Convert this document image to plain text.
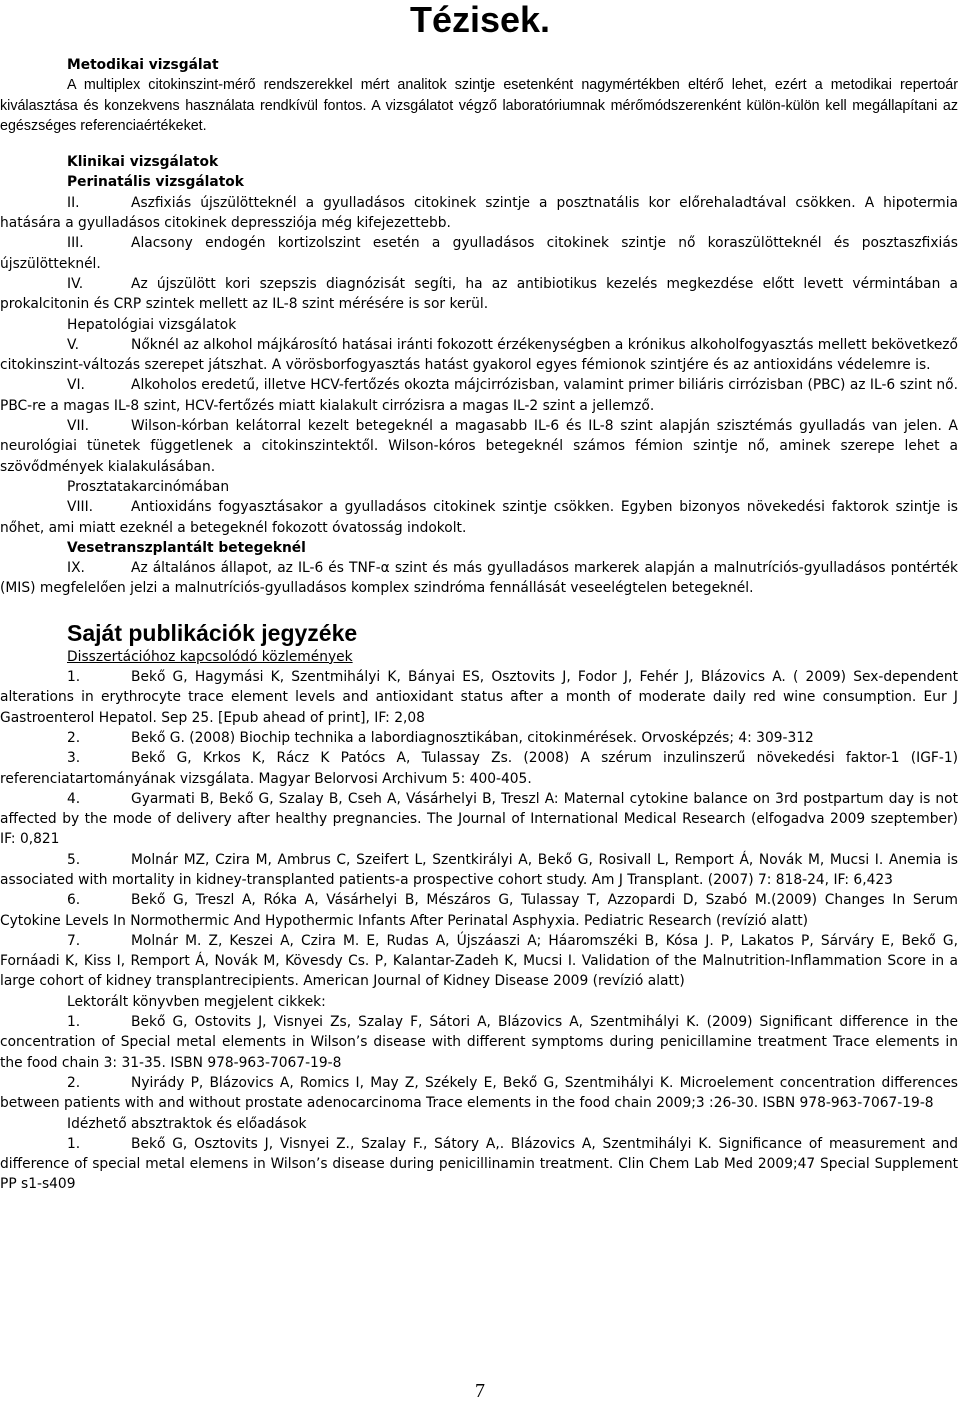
Tézisek.

Metodikai vizsgálat

A multiplex citokinszint-mérő rendszerekkel mért analitok szintje esetenként nagymértékben eltérő lehet, ezért a metodikai repertoár kiválasztása és konzekvens használata rendkívül fontos. A vizsgálatot végző laboratóriumnak mérőmódszerenként külön-külön kell megállapítani az egészséges referenciaértékeket.

Klinikai vizsgálatok

Perinatális vizsgálatok

II.	Aszfixiás újszülötteknél a gyulladásos citokinek szintje a posztnatális kor előrehaladtával csökken. A hipotermia hatására a gyulladásos citokinek depressziója még kifejezettebb.

III.	Alacsony endogén kortizolszint esetén a gyulladásos citokinek szintje nő koraszülötteknél és posztaszfixiás újszülötteknél.

IV.	Az újszülött kori szepszis diagnózisát segíti, ha az antibiotikus kezelés megkezdése előtt levett vérmintában a prokalcitonin és CRP szintek mellett az IL-8 szint mérésére is sor kerül.

Hepatológiai vizsgálatok

V.	Nőknél az alkohol májkárosító hatásai iránti fokozott érzékenységben a krónikus alkoholfogyasztás mellett bekövetkező citokinszint-változás szerepet játszhat. A vörösborfogyasztás hatást gyakorol egyes fémionok szintjére és az antioxidáns védelemre is.

VI.	Alkoholos eredetű, illetve HCV-fertőzés okozta májcirrózisban, valamint primer biliáris cirrózisban (PBC) az IL-6 szint nő. PBC-re a magas IL-8 szint, HCV-fertőzés miatt kialakult cirrózisra a magas IL-2 szint a jellemző.

VII.	Wilson-kórban kelátorral kezelt betegeknél a magasabb IL-6 és IL-8 szint alapján szisztémás gyulladás van jelen. A neurológiai tünetek függetlenek a citokinszintektől. Wilson-kóros betegeknél számos fémion szintje nő, aminek szerepe lehet a szövődmények kialakulásában.

Prosztatakarcinómában

VIII.	Antioxidáns fogyasztásakor a gyulladásos citokinek szintje csökken. Egyben bizonyos növekedési faktorok szintje is nőhet, ami miatt ezeknél a betegeknél fokozott óvatosság indokolt.

Vesetranszplantált betegeknél

IX.	Az általános állapot, az IL-6 és TNF-α szint és más gyulladásos markerek alapján a malnutríciós-gyulladásos pontérték (MIS) megfelelően jelzi a malnutríciós-gyulladásos komplex szindróma fennállását veseelégtelen betegeknél.

Saját publikációk jegyzéke

Disszertációhoz kapcsolódó közlemények

1.	Bekő G, Hagymási K, Szentmihályi K, Bányai ES, Osztovits J, Fodor J, Fehér J, Blázovics A. ( 2009) Sex-dependent alterations in erythrocyte trace element levels and antioxidant status after a month of moderate daily red wine consumption. Eur J Gastroenterol Hepatol. Sep 25. [Epub ahead of print], IF: 2,08

2.	Bekő G. (2008) Biochip technika a labordiagnosztikában, citokinmérések. Orvosképzés; 4: 309-312

3.	Bekő G, Krkos K, Rácz K Patócs A, Tulassay Zs. (2008) A szérum inzulinszerű növekedési faktor-1 (IGF-1) referenciatartományának vizsgálata. Magyar Belorvosi Archivum 5: 400-405.

4.	Gyarmati B, Bekő G, Szalay B, Cseh A, Vásárhelyi B, Treszl A: Maternal cytokine balance on 3rd postpartum day is not affected by the mode of delivery after healthy pregnancies. The Journal of International Medical Research (elfogadva 2009 szeptember) IF: 0,821

5.	Molnár MZ, Czira M, Ambrus C, Szeifert L, Szentkirályi A, Bekő G, Rosivall L, Remport Á, Novák M, Mucsi I. Anemia is associated with mortality in kidney-transplanted patients-a prospective cohort study. Am J Transplant. (2007) 7: 818-24, IF: 6,423

6.	Bekő G, Treszl A, Róka A, Vásárhelyi B, Mészáros G, Tulassay T, Azzopardi D, Szabó M.(2009) Changes In Serum Cytokine Levels In Normothermic And Hypothermic Infants After Perinatal Asphyxia. Pediatric Research (revízió alatt)

7.	Molnár M. Z, Keszei A, Czira M. E, Rudas A, Újszáaszi A; Háaromszéki B, Kósa J. P, Lakatos P, Sárváry E, Bekő G, Fornáadi K, Kiss I, Remport Á, Novák M, Kövesdy Cs. P, Kalantar-Zadeh K, Mucsi I. Validation of the Malnutrition-Inflammation Score in a large cohort of kidney transplantrecipients. American Journal of Kidney Disease 2009 (revízió alatt)

Lektorált könyvben megjelent cikkek:

1.	Bekő G, Ostovits J, Visnyei Zs, Szalay F, Sátori A, Blázovics A, Szentmihályi K. (2009) Significant difference in the concentration of Special metal elements in Wilson’s disease with different symptoms during penicillamine treatment Trace elements in the food chain 3: 31-35. ISBN 978-963-7067-19-8

2.	Nyirády P, Blázovics A, Romics I, May Z, Székely E, Bekő G, Szentmihályi K. Microelement concentration differences between patients with and without prostate adenocarcinoma Trace elements in the food chain 2009;3 :26-30. ISBN 978-963-7067-19-8

Idézhető absztraktok és előadások

1.	Bekő G, Osztovits J, Visnyei Z., Szalay F., Sátory A,. Blázovics A, Szentmihályi K. Significance of measurement and difference of special metal elemens in Wilson’s disease during penicillinamin treatment. Clin Chem Lab Med 2009;47 Special Supplement PP s1-s409

7
